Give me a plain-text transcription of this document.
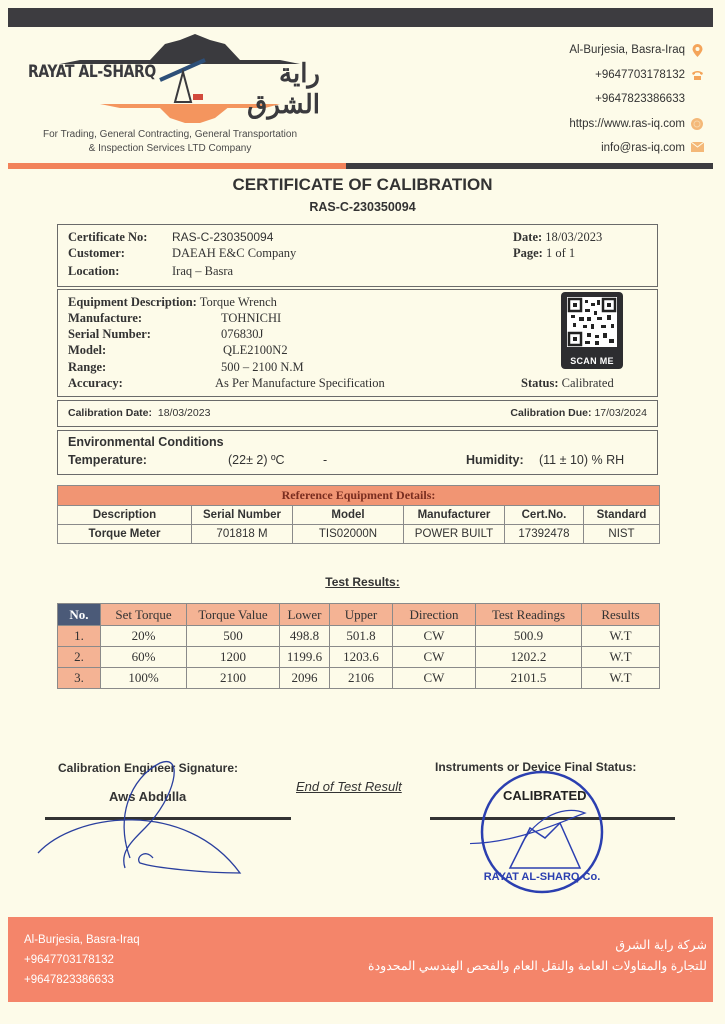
RAYAT AL-SHARQ	راية الشرق
For Trading, General Contracting, General Transportation
& Inspection Services LTD Company
Al-Burjesia, Basra-Iraq
+9647703178132
+9647823386633
https://www.ras-iq.com
info@ras-iq.com
CERTIFICATE OF CALIBRATION
RAS-C-230350094
Certificate No: RAS-C-230350094
Customer:	DAEAH E&C Company
Location:	Iraq – Basra
Date: 18/03/2023
Page: 1 of 1
Equipment Description: Torque Wrench
Manufacture:	TOHNICHI
Serial Number:	076830J
Model:	QLE2100N2
Range:	500 – 2100 N.M
Accuracy:	As Per Manufacture Specification	Status: Calibrated
SCAN ME
Calibration Date: 18/03/2023	Calibration Due: 17/03/2024
Environmental Conditions
Temperature:	(22± 2) ºC	-	Humidity: (11 ± 10) % RH
Reference Equipment Details:					
Description	Serial Number	Model	Manufacturer	Cert.No.	Standard
Torque Meter	701818 M	TIS02000N	POWER BUILT	17392478	NIST
Test Results:
No.	Set Torque	Torque Value	Lower	Upper	Direction	Test Readings	Results
1.	20%	500	498.8	501.8	CW	500.9	W.T
2.	60%	1200	1199.6	1203.6	CW	1202.2	W.T
3.	100%	2100	2096	2106	CW	2101.5	W.T
Calibration Engineer Signature:
Aws Abdulla
End of Test Result
Instruments or Device Final Status:
RAYAT AL-SHARQ Co.
CALIBRATED
Al-Burjesia, Basra-Iraq
+9647703178132
+9647823386633
شركة راية الشرق
للتجارة والمقاولات العامة والنقل العام والفحص الهندسي المحدودة
